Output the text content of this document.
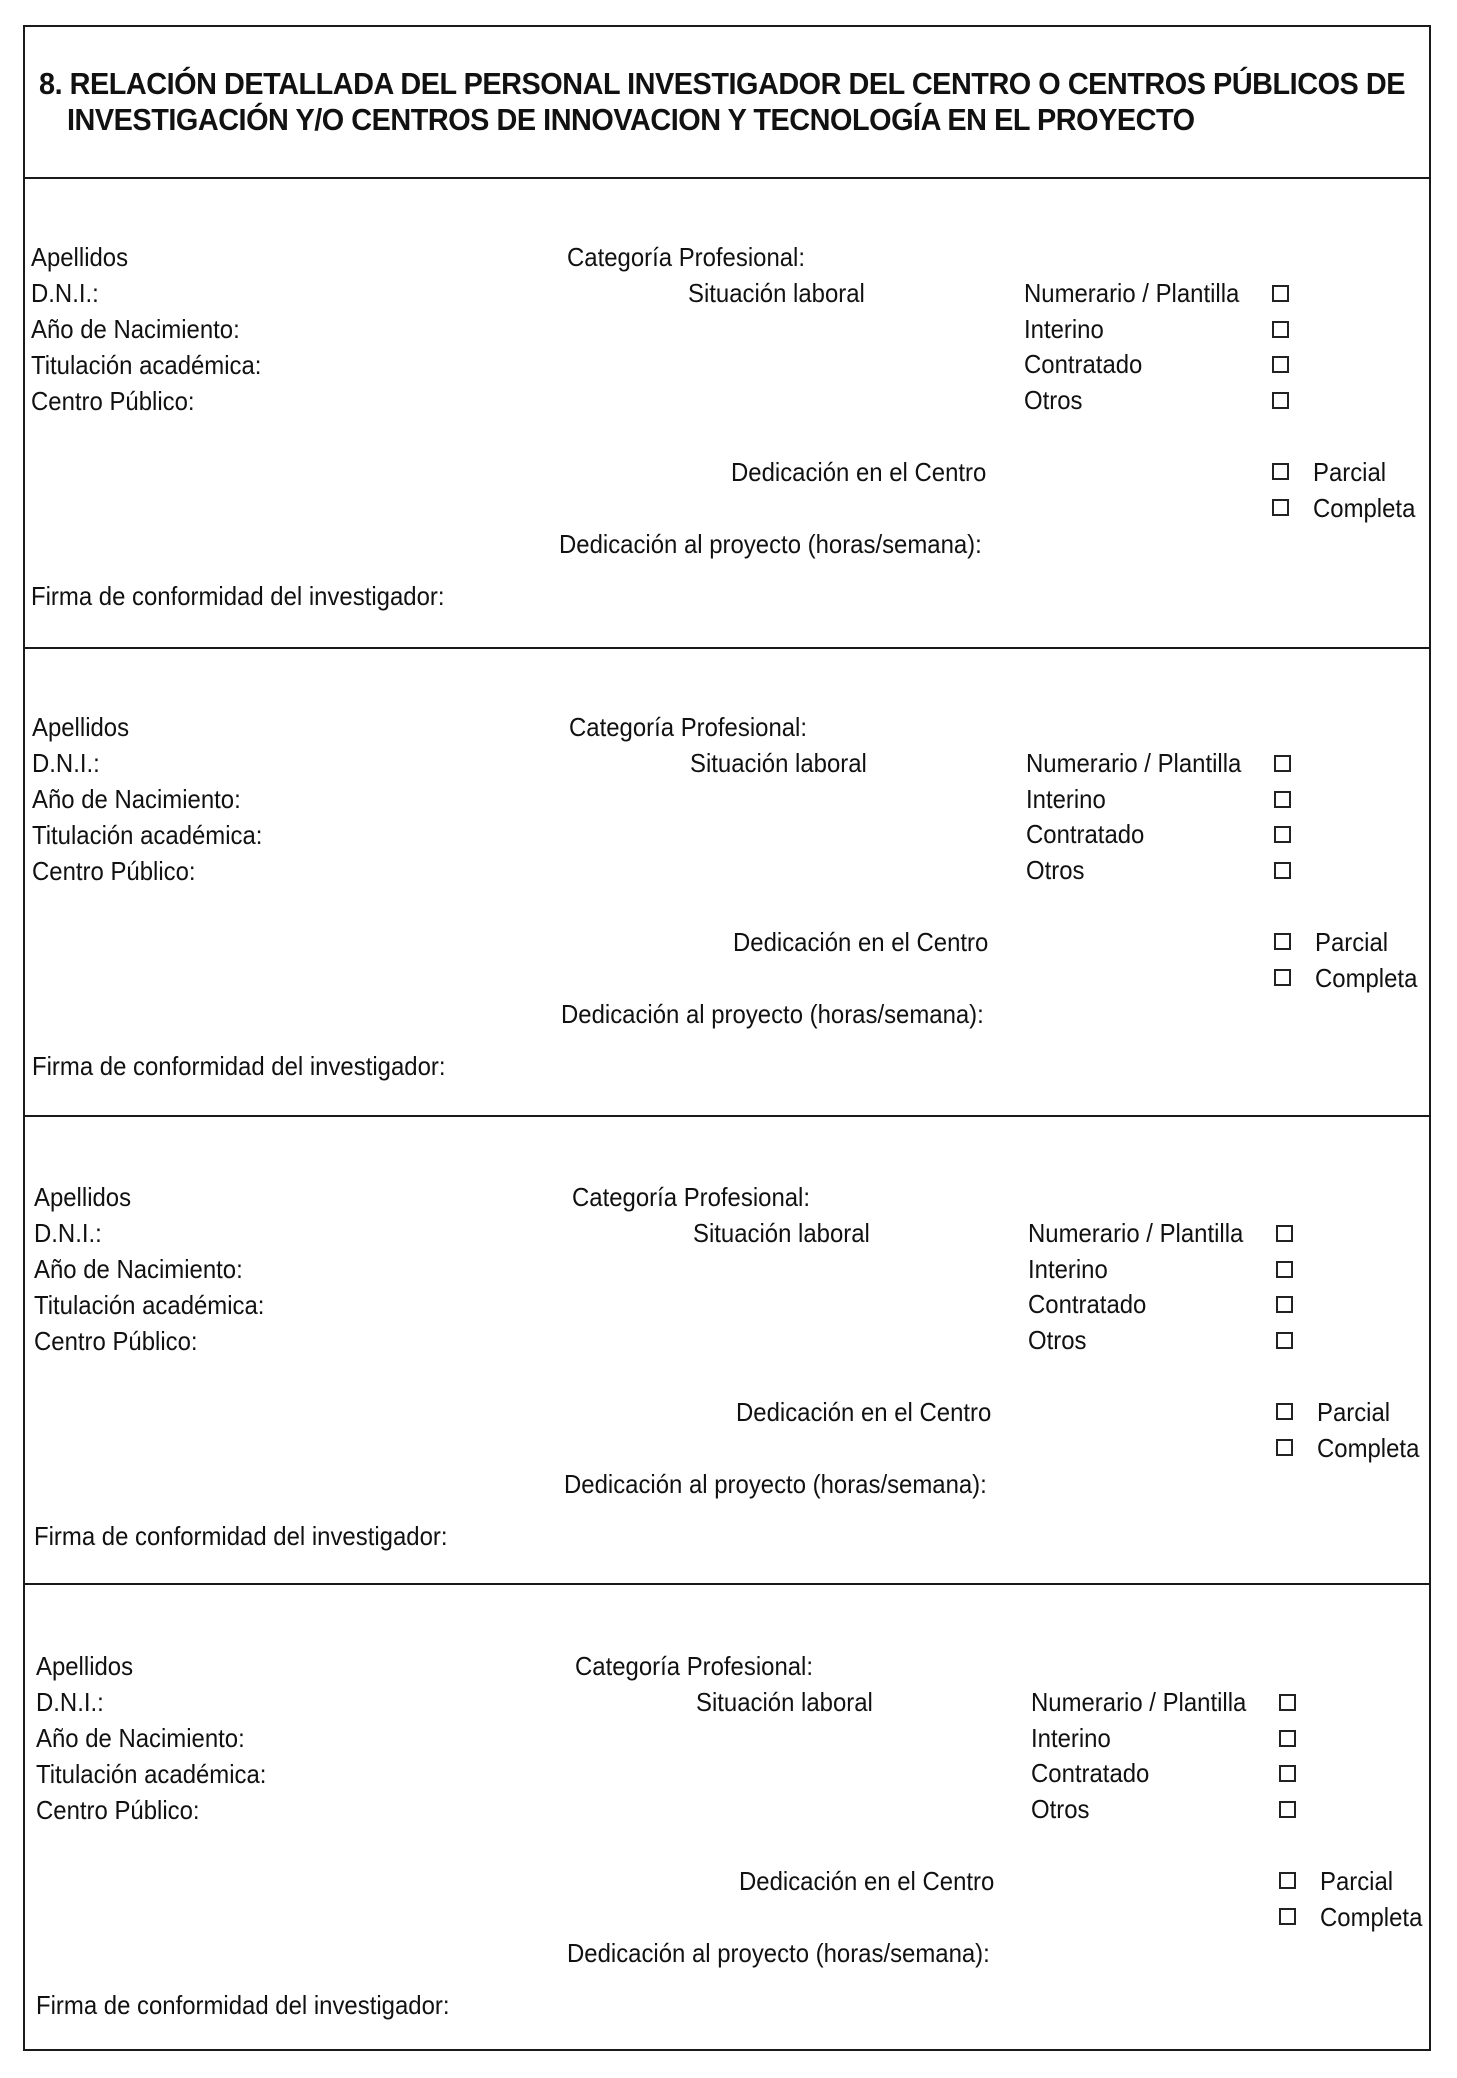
8. RELACIÓN DETALLADA DEL PERSONAL INVESTIGADOR DEL CENTRO O CENTROS PÚBLICOS DE
INVESTIGACIÓN Y/O CENTROS DE INNOVACION Y TECNOLOGÍA EN EL PROYECTO
Apellidos
D.N.I.:
Año de Nacimiento:
Titulación académica:
Centro Público:
Categoría Profesional:
Situación laboral	Numerario / Plantilla
Interino
Contratado
Otros
Dedicación en el Centro	Parcial
Completa
Dedicación al proyecto (horas/semana):
Firma de conformidad del investigador:
Apellidos
D.N.I.:
Año de Nacimiento:
Titulación académica:
Centro Público:
Categoría Profesional:
Situación laboral	Numerario / Plantilla
Interino
Contratado
Otros
Dedicación en el Centro	Parcial
Completa
Dedicación al proyecto (horas/semana):
Firma de conformidad del investigador:
Apellidos
D.N.I.:
Año de Nacimiento:
Titulación académica:
Centro Público:
Categoría Profesional:
Situación laboral	Numerario / Plantilla
Interino
Contratado
Otros
Dedicación en el Centro	Parcial
Completa
Dedicación al proyecto (horas/semana):
Firma de conformidad del investigador:
Apellidos
D.N.I.:
Año de Nacimiento:
Titulación académica:
Centro Público:
Categoría Profesional:
Situación laboral	Numerario / Plantilla
Interino
Contratado
Otros
Dedicación en el Centro	Parcial
Completa
Dedicación al proyecto (horas/semana):
Firma de conformidad del investigador:
